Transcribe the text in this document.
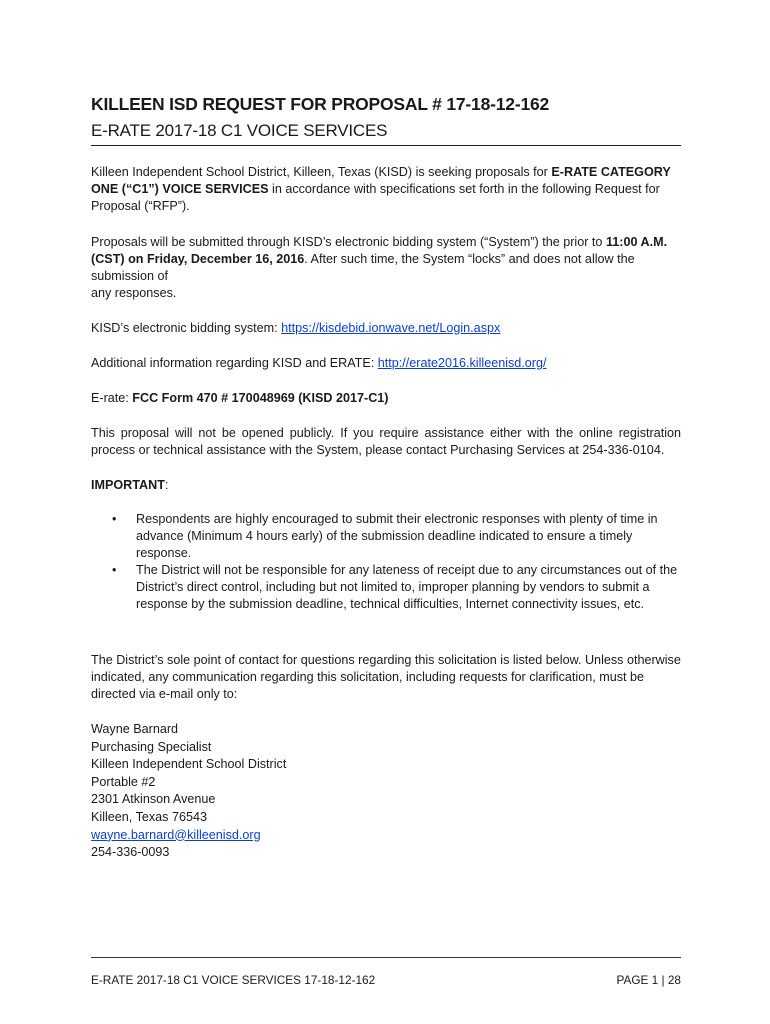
KILLEEN ISD REQUEST FOR PROPOSAL # 17-18-12-162
E-RATE 2017-18 C1 VOICE SERVICES

Killeen Independent School District, Killeen, Texas (KISD) is seeking proposals for E-RATE CATEGORY ONE (“C1”) VOICE SERVICES in accordance with specifications set forth in the following Request for Proposal (“RFP”).

Proposals will be submitted through KISD’s electronic bidding system (“System”) the prior to 11:00 A.M. (CST) on Friday, December 16, 2016. After such time, the System “locks” and does not allow the submission of
any responses.

KISD’s electronic bidding system: https://kisdebid.ionwave.net/Login.aspx

Additional information regarding KISD and ERATE: http://erate2016.killeenisd.org/

E-rate: FCC Form 470 # 170048969 (KISD 2017-C1)

This proposal will not be opened publicly. If you require assistance either with the online registration process or technical assistance with the System, please contact Purchasing Services at 254-336-0104.

IMPORTANT:

• Respondents are highly encouraged to submit their electronic responses with plenty of time in advance (Minimum 4 hours early) of the submission deadline indicated to ensure a timely response.
• The District will not be responsible for any lateness of receipt due to any circumstances out of the District’s direct control, including but not limited to, improper planning by vendors to submit a response by the submission deadline, technical difficulties, Internet connectivity issues, etc.

The District’s sole point of contact for questions regarding this solicitation is listed below. Unless otherwise indicated, any communication regarding this solicitation, including requests for clarification, must be directed via e-mail only to:

Wayne Barnard
Purchasing Specialist
Killeen Independent School District
Portable #2
2301 Atkinson Avenue
Killeen, Texas 76543
wayne.barnard@killeenisd.org
254-336-0093
E-RATE 2017-18 C1 VOICE SERVICES 17-18-12-162	PAGE 1 | 28
